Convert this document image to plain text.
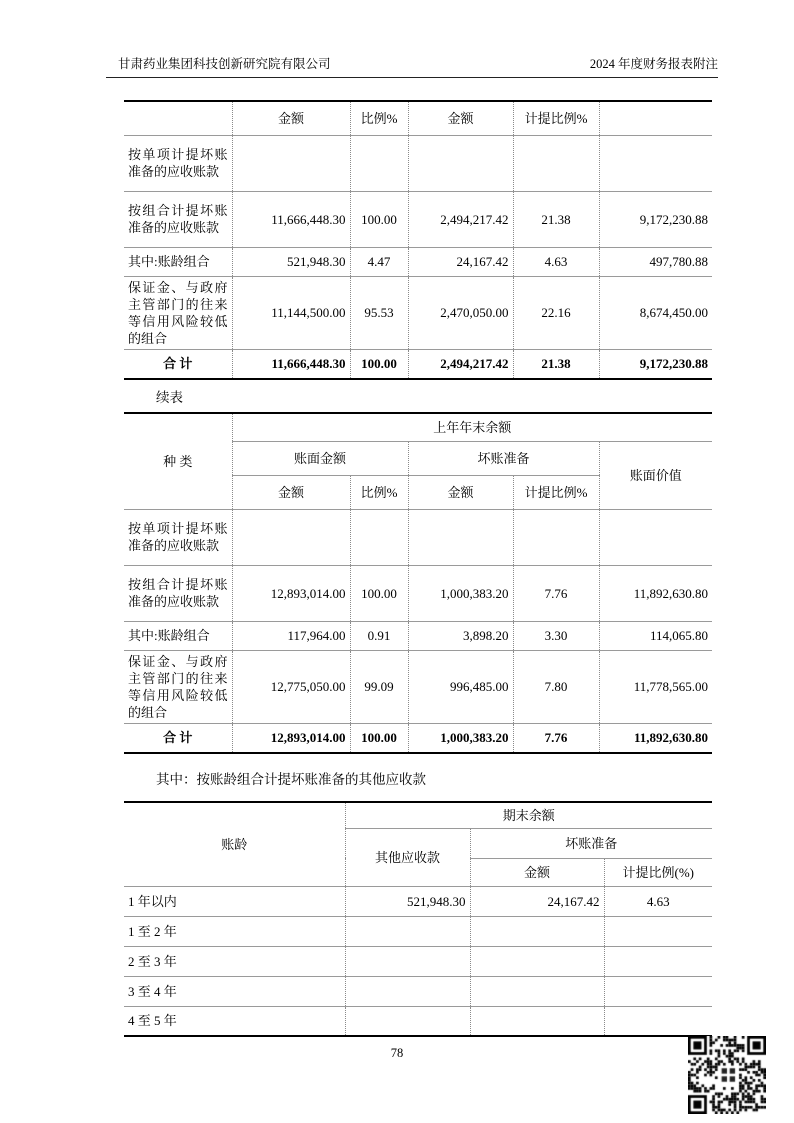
甘肃药业集团科技创新研究院有限公司	2024 年度财务报表附注
	金额	比例%	金额	计提比例%	
按单项计提坏账准备的应收账款					
按组合计提坏账准备的应收账款	11,666,448.30	100.00	2,494,217.42	21.38	9,172,230.88
其中:账龄组合	521,948.30	4.47	24,167.42	4.63	497,780.88
保证金、与政府主管部门的往来等信用风险较低的组合	11,144,500.00	95.53	2,470,050.00	22.16	8,674,450.00
合 计	11,666,448.30	100.00	2,494,217.42	21.38	9,172,230.88
续表
种 类	上年年末余额				
	账面金额		坏账准备		账面价值
	金额	比例%	金额	计提比例%	
按单项计提坏账准备的应收账款					
按组合计提坏账准备的应收账款	12,893,014.00	100.00	1,000,383.20	7.76	11,892,630.80
其中:账龄组合	117,964.00	0.91	3,898.20	3.30	114,065.80
保证金、与政府主管部门的往来等信用风险较低的组合	12,775,050.00	99.09	996,485.00	7.80	11,778,565.00
合 计	12,893,014.00	100.00	1,000,383.20	7.76	11,892,630.80
其中：按账龄组合计提坏账准备的其他应收款
账龄	期末余额		
	其他应收款	坏账准备	
		金额	计提比例(%)
1 年以内	521,948.30	24,167.42	4.63
1 至 2 年			
2 至 3 年			
3 至 4 年			
4 至 5 年			
78
